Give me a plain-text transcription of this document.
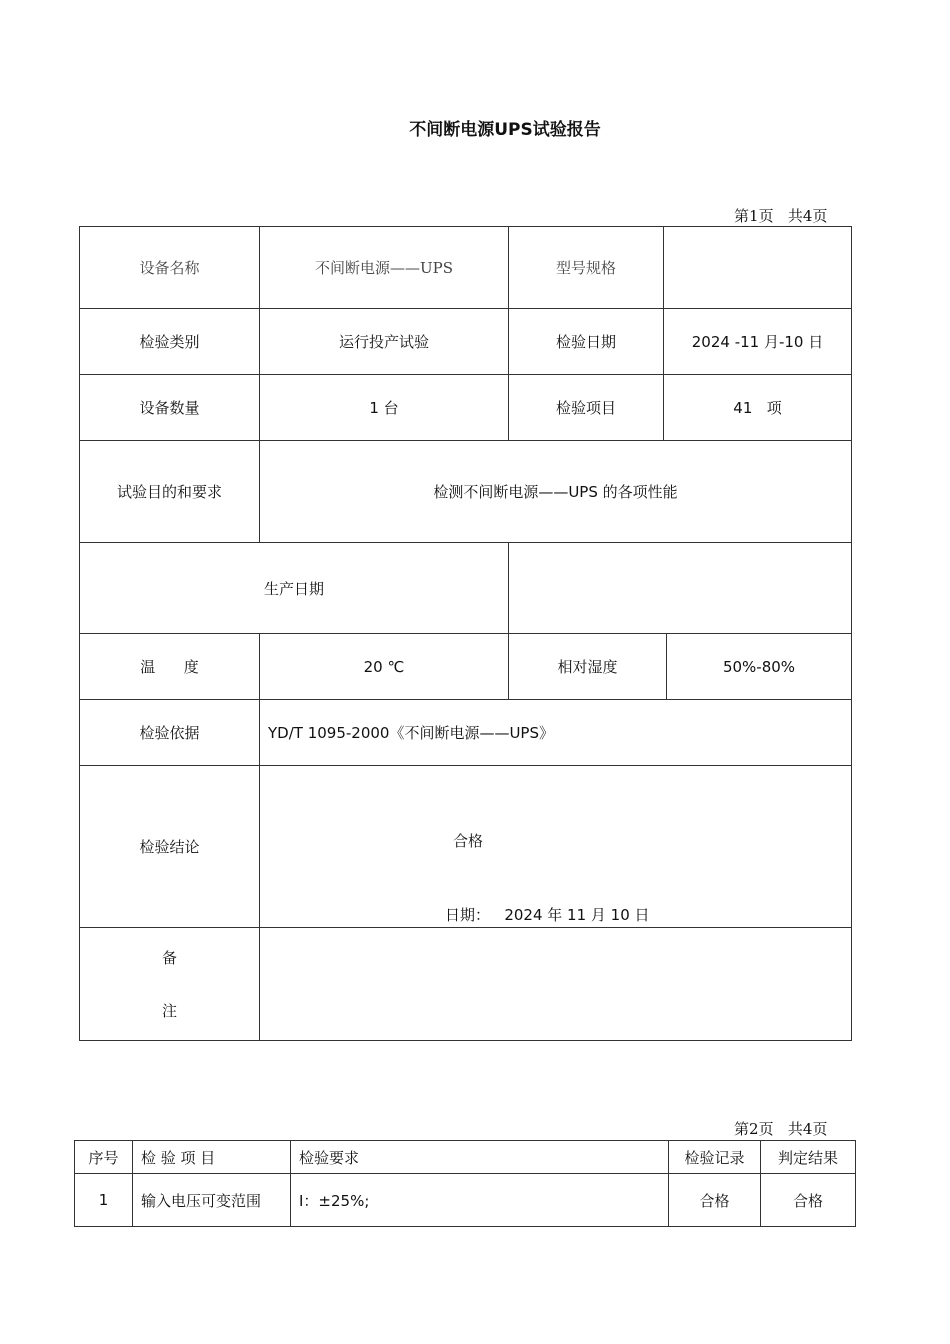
不间断电源UPS试验报告
第1页 共4页
设备名称	不间断电源——UPS	型号规格		
检验类别	运行投产试验	检验日期	2024 -11 月-10 日	
设备数量	1 台	检验项目	41   项	
试验目的和要求	检测不间断电源——UPS 的各项性能			
生产日期				
温      度	20 ℃	相对湿度		50%-80%
检验依据	YD/T 1095-2000《不间断电源——UPS》			
检验结论	合格
日期： 2024 年 11 月 10 日			

备
注				

第2页 共4页
序号	检 验 项 目	检验要求	检验记录	判定结果
1	输入电压可变范围	Ⅰ：±25%;	合格	合格
